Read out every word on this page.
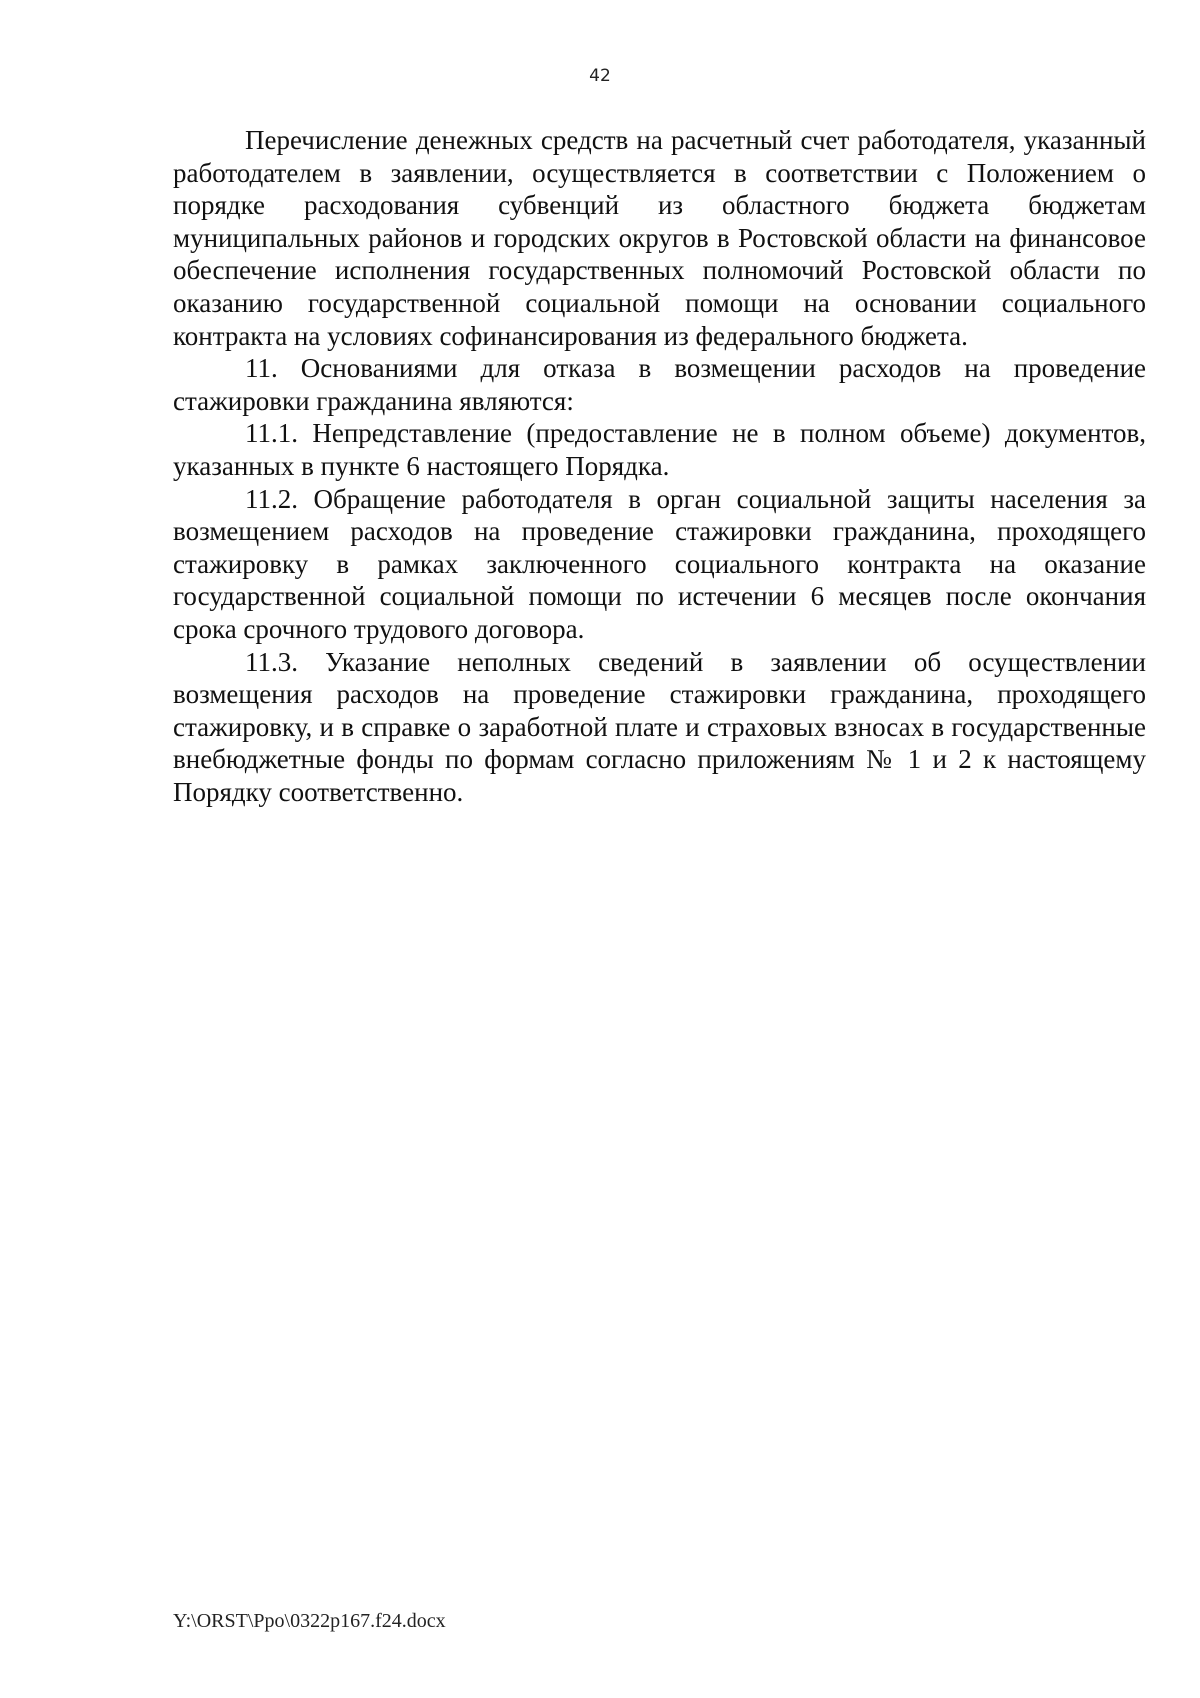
42

Перечисление денежных средств на расчетный счет работодателя, указанный работодателем в заявлении, осуществляется в соответствии с Положением о порядке расходования субвенций из областного бюджета бюджетам муниципальных районов и городских округов в Ростовской области на финансовое обеспечение исполнения государственных полномочий Ростовской области по оказанию государственной социальной помощи на основании социального контракта на условиях софинансирования из федерального бюджета.

11. Основаниями для отказа в возмещении расходов на проведение стажировки гражданина являются:

11.1. Непредставление (предоставление не в полном объеме) документов, указанных в пункте 6 настоящего Порядка.

11.2. Обращение работодателя в орган социальной защиты населения за возмещением расходов на проведение стажировки гражданина, проходящего стажировку в рамках заключенного социального контракта на оказание государственной социальной помощи по истечении 6 месяцев после окончания срока срочного трудового договора.

11.3. Указание неполных сведений в заявлении об осуществлении возмещения расходов на проведение стажировки гражданина, проходящего стажировку, и в справке о заработной плате и страховых взносах в государственные внебюджетные фонды по формам согласно приложениям № 1 и 2 к настоящему Порядку соответственно.

Y:\ORST\Ppo\0322p167.f24.docx
